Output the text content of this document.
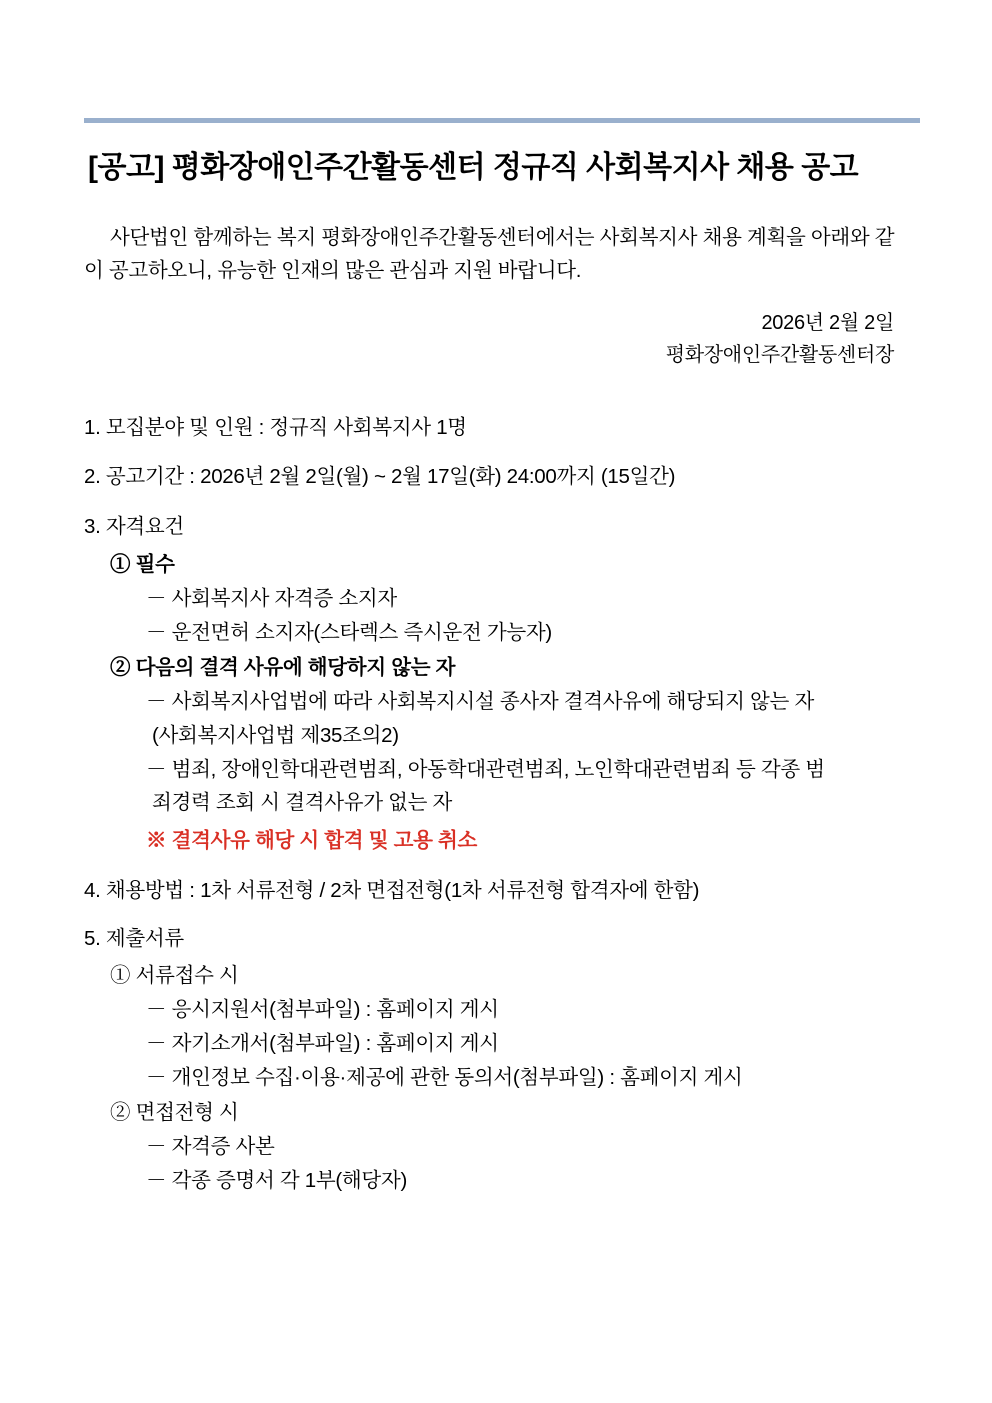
[공고] 평화장애인주간활동센터 정규직 사회복지사 채용 공고

사단법인 함께하는 복지 평화장애인주간활동센터에서는 사회복지사 채용 계획을 아래와 같이 공고하오니, 유능한 인재의 많은 관심과 지원 바랍니다.

2026년 2월 2일
평화장애인주간활동센터장
1. 모집분야 및 인원 : 정규직 사회복지사 1명
2. 공고기간 : 2026년 2월 2일(월) ~ 2월 17일(화) 24:00까지 (15일간)
3. 자격요건
① 필수
－ 사회복지사 자격증 소지자
－ 운전면허 소지자(스타렉스 즉시운전 가능자)
② 다음의 결격 사유에 해당하지 않는 자
－ 사회복지사업법에 따라 사회복지시설 종사자 결격사유에 해당되지 않는 자
(사회복지사업법 제35조의2)
－ 범죄, 장애인학대관련범죄, 아동학대관련범죄, 노인학대관련범죄 등 각종 범
죄경력 조회 시 결격사유가 없는 자
※ 결격사유 해당 시 합격 및 고용 취소
4. 채용방법 : 1차 서류전형 / 2차 면접전형(1차 서류전형 합격자에 한함)
5. 제출서류
① 서류접수 시
－ 응시지원서(첨부파일) : 홈페이지 게시
－ 자기소개서(첨부파일) : 홈페이지 게시
－ 개인정보 수집·이용·제공에 관한 동의서(첨부파일) : 홈페이지 게시
② 면접전형 시
－ 자격증 사본
－ 각종 증명서 각 1부(해당자)
